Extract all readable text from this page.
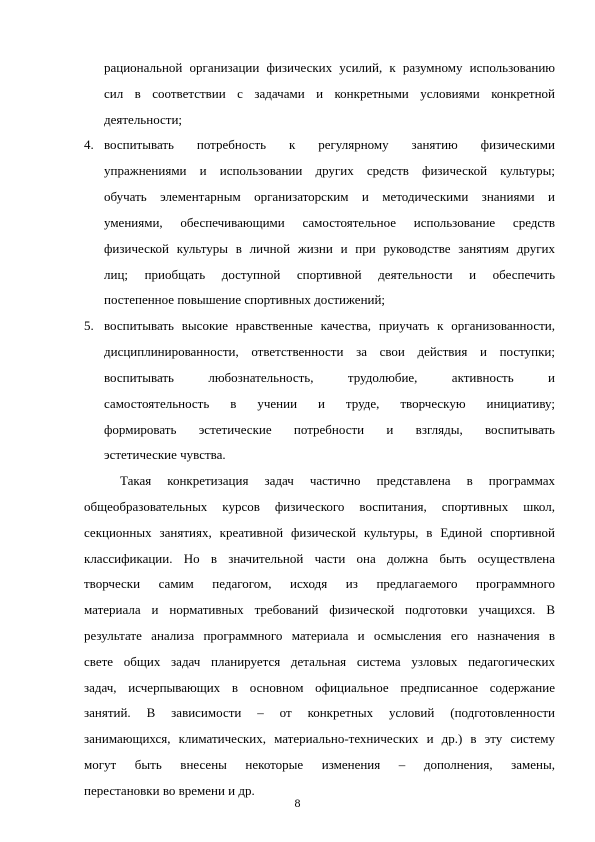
рациональной организации физических усилий, к разумному использованию
сил в соответствии с задачами и конкретными условиями конкретной
деятельности;
4. воспитывать потребность к регулярному занятию физическими
упражнениями и использовании других средств физической культуры;
обучать элементарным организаторским и методическими знаниями и
умениями, обеспечивающими самостоятельное использование средств
физической культуры в личной жизни и при руководстве занятиям других
лиц; приобщать доступной спортивной деятельности и обеспечить
постепенное повышение спортивных достижений;
5. воспитывать высокие нравственные качества, приучать к организованности,
дисциплинированности, ответственности за свои действия и поступки;
воспитывать любознательность, трудолюбие, активность и
самостоятельность в учении и труде, творческую инициативу;
формировать эстетические потребности и взгляды, воспитывать
эстетические чувства.
Такая конкретизация задач частично представлена в программах
общеобразовательных курсов физического воспитания, спортивных школ,
секционных занятиях, креативной физической культуры, в Единой спортивной
классификации. Но в значительной части она должна быть осуществлена
творчески самим педагогом, исходя из предлагаемого программного
материала и нормативных требований физической подготовки учащихся. В
результате анализа программного материала и осмысления его назначения в
свете общих задач планируется детальная система узловых педагогических
задач, исчерпывающих в основном официальное предписанное содержание
занятий. В зависимости – от конкретных условий (подготовленности
занимающихся, климатических, материально-технических и др.) в эту систему
могут быть внесены некоторые изменения – дополнения, замены,
перестановки во времени и др.
8
